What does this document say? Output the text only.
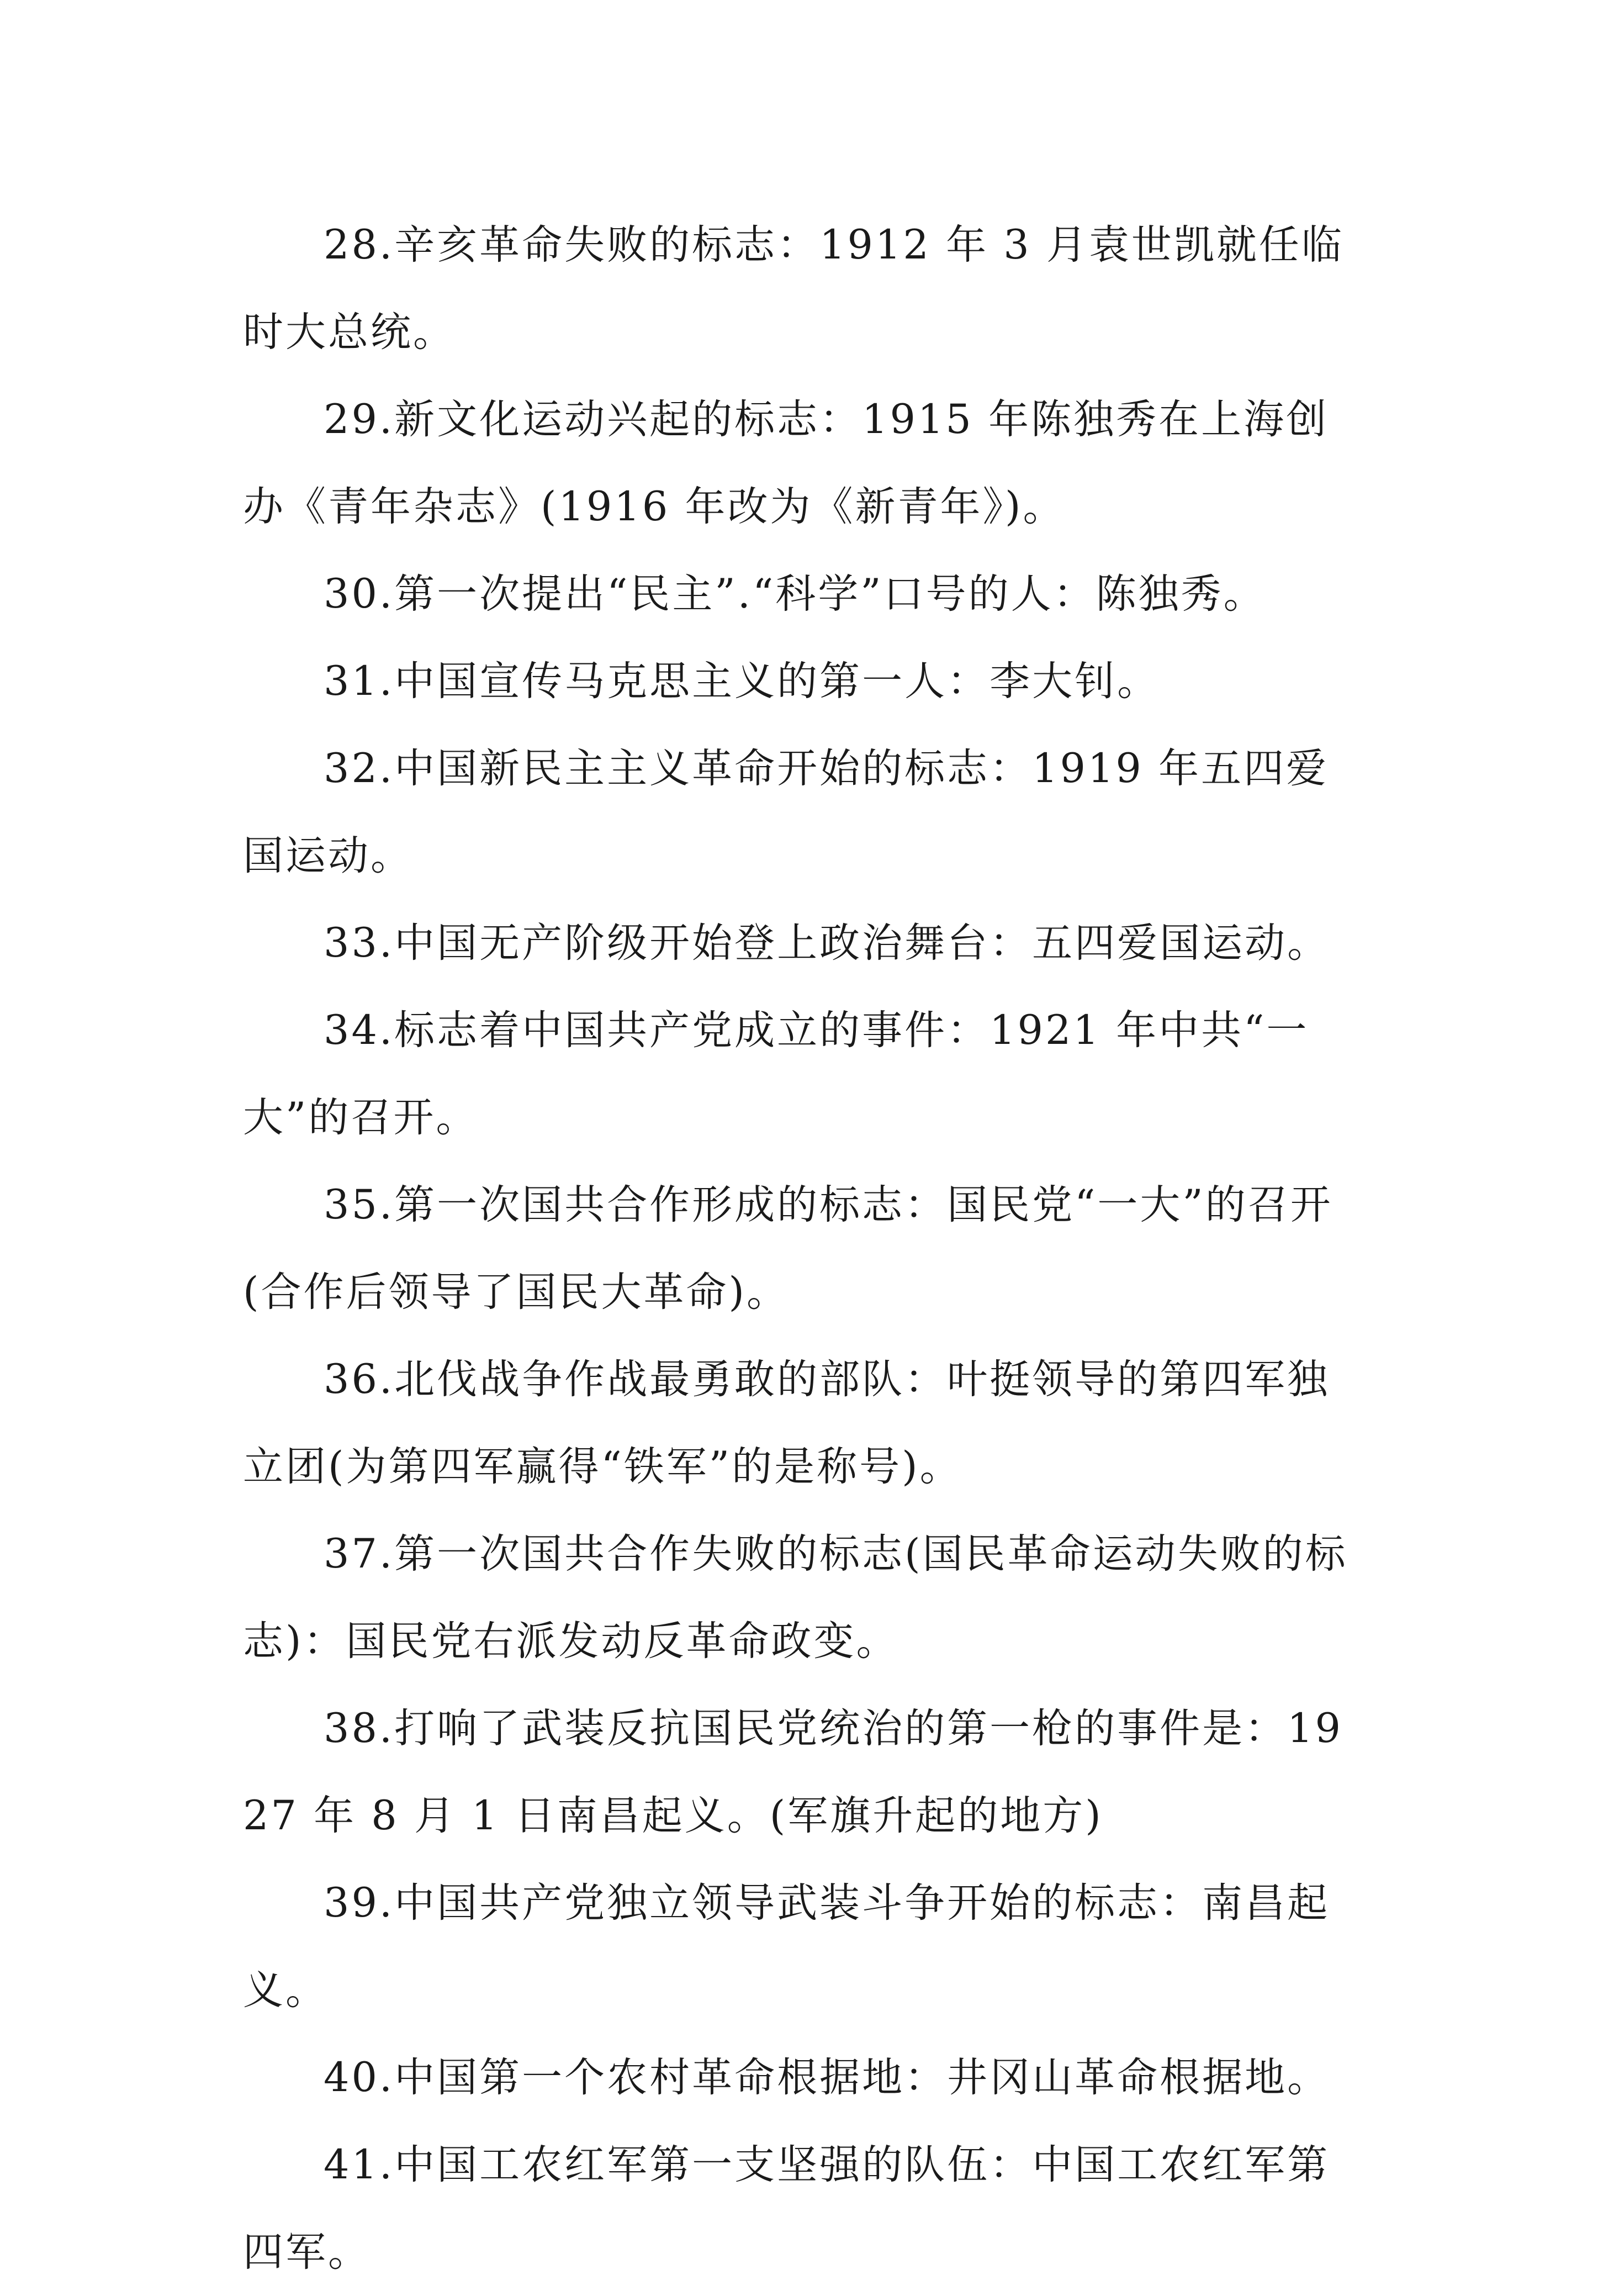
28.辛亥革命失败的标志：1912 年 3 月袁世凯就任临时大总统。

29.新文化运动兴起的标志：1915 年陈独秀在上海创办《青年杂志》(1916 年改为《新青年》)。

30.第一次提出“民主”.“科学”口号的人：陈独秀。

31.中国宣传马克思主义的第一人：李大钊。

32.中国新民主主义革命开始的标志：1919 年五四爱国运动。

33.中国无产阶级开始登上政治舞台：五四爱国运动。

34.标志着中国共产党成立的事件：1921 年中共“一大”的召开。

35.第一次国共合作形成的标志：国民党“一大”的召开(合作后领导了国民大革命)。

36.北伐战争作战最勇敢的部队：叶挺领导的第四军独立团(为第四军赢得“铁军”的是称号)。

37.第一次国共合作失败的标志(国民革命运动失败的标志)：国民党右派发动反革命政变。

38.打响了武装反抗国民党统治的第一枪的事件是：1927 年 8 月 1 日南昌起义。(军旗升起的地方)

39.中国共产党独立领导武装斗争开始的标志：南昌起义。

40.中国第一个农村革命根据地：井冈山革命根据地。

41.中国工农红军第一支坚强的队伍：中国工农红军第四军。
